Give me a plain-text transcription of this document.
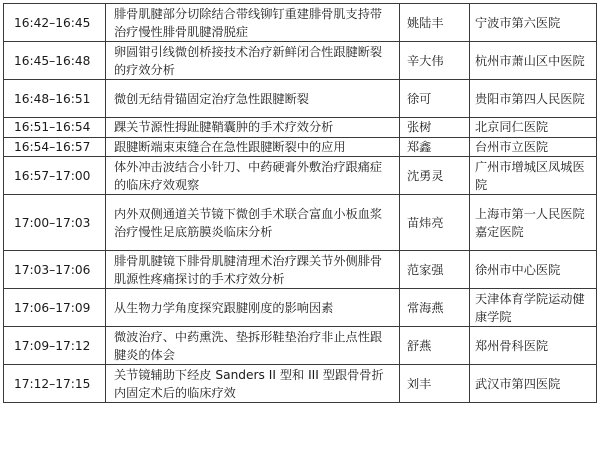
16:42–16:45	腓骨肌腱部分切除结合带线铆钉重建腓骨肌支持带治疗慢性腓骨肌腱滑脱症	姚陆丰	宁波市第六医院
16:45–16:48	卵圆钳引线微创桥接技术治疗新鲜闭合性跟腱断裂的疗效分析	辛大伟	杭州市萧山区中医院
16:48–16:51	微创无结骨锚固定治疗急性跟腱断裂	徐可	贵阳市第四人民医院
16:51–16:54	踝关节源性拇趾腱鞘囊肿的手术疗效分析	张树	北京同仁医院
16:54–16:57	跟腱断端束束缝合在急性跟腱断裂中的应用	郑鑫	台州市立医院
16:57–17:00	体外冲击波结合小针刀、中药硬膏外敷治疗跟痛症的临床疗效观察	沈勇灵	广州市增城区凤城医院
17:00–17:03	内外双侧通道关节镜下微创手术联合富血小板血浆治疗慢性足底筋膜炎临床分析	苗炜亮	上海市第一人民医院嘉定医院
17:03–17:06	腓骨肌腱镜下腓骨肌腱清理术治疗踝关节外侧腓骨肌源性疼痛探讨的手术疗效分析	范家强	徐州市中心医院
17:06–17:09	从生物力学角度探究跟腱刚度的影响因素	常海燕	天津体育学院运动健康学院
17:09–17:12	微波治疗、中药熏洗、垫拆形鞋垫治疗非止点性跟腱炎的体会	舒燕	郑州骨科医院
17:12–17:15	关节镜辅助下经皮 Sanders II 型和 III 型跟骨骨折内固定术后的临床疗效	刘丰	武汉市第四医院
